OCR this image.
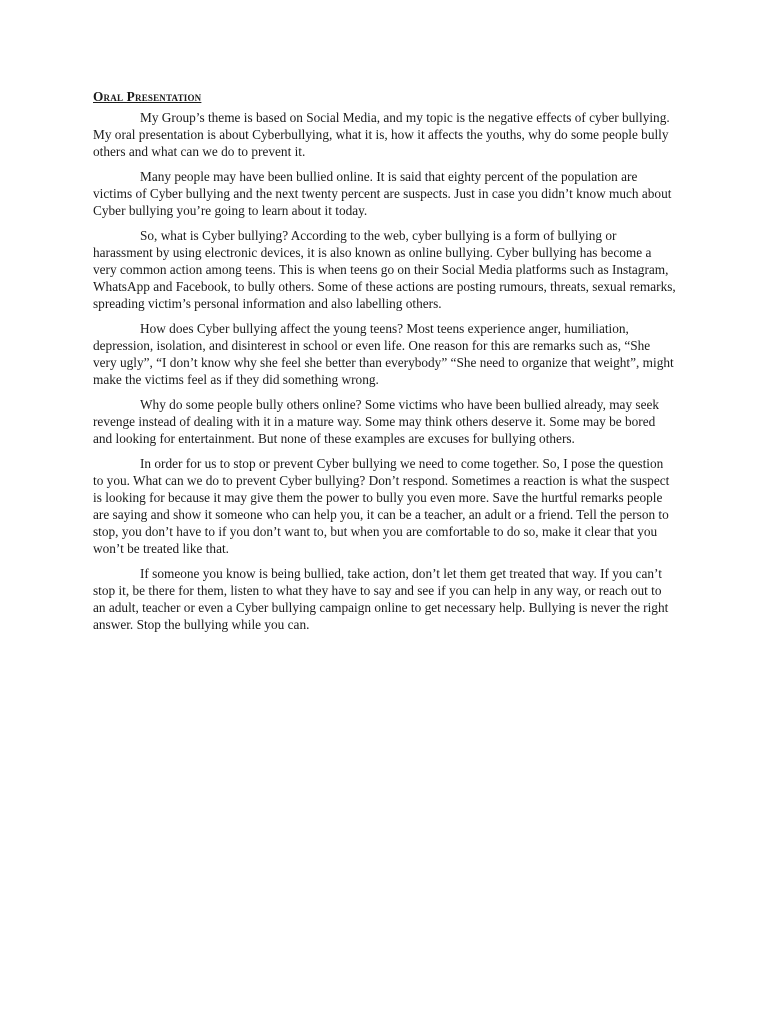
Oral Presentation

My Group’s theme is based on Social Media, and my topic is the negative effects of cyber bullying. My oral presentation is about Cyberbullying, what it is, how it affects the youths, why do some people bully others and what can we do to prevent it.

Many people may have been bullied online. It is said that eighty percent of the population are victims of Cyber bullying and the next twenty percent are suspects. Just in case you didn’t know much about Cyber bullying you’re going to learn about it today.

So, what is Cyber bullying? According to the web, cyber bullying is a form of bullying or harassment by using electronic devices, it is also known as online bullying. Cyber bullying has become a very common action among teens. This is when teens go on their Social Media platforms such as Instagram, WhatsApp and Facebook, to bully others. Some of these actions are posting rumours, threats, sexual remarks, spreading victim’s personal information and also labelling others.

How does Cyber bullying affect the young teens? Most teens experience anger, humiliation, depression, isolation, and disinterest in school or even life. One reason for this are remarks such as, “She very ugly”, “I don’t know why she feel she better than everybody” “She need to organize that weight”, might make the victims feel as if they did something wrong.

Why do some people bully others online? Some victims who have been bullied already, may seek revenge instead of dealing with it in a mature way. Some may think others deserve it. Some may be bored and looking for entertainment. But none of these examples are excuses for bullying others.

In order for us to stop or prevent Cyber bullying we need to come together. So, I pose the question to you. What can we do to prevent Cyber bullying? Don’t respond. Sometimes a reaction is what the suspect is looking for because it may give them the power to bully you even more. Save the hurtful remarks people are saying and show it someone who can help you, it can be a teacher, an adult or a friend. Tell the person to stop, you don’t have to if you don’t want to, but when you are comfortable to do so, make it clear that you won’t be treated like that.

If someone you know is being bullied, take action, don’t let them get treated that way. If you can’t stop it, be there for them, listen to what they have to say and see if you can help in any way, or reach out to an adult, teacher or even a Cyber bullying campaign online to get necessary help. Bullying is never the right answer. Stop the bullying while you can.
